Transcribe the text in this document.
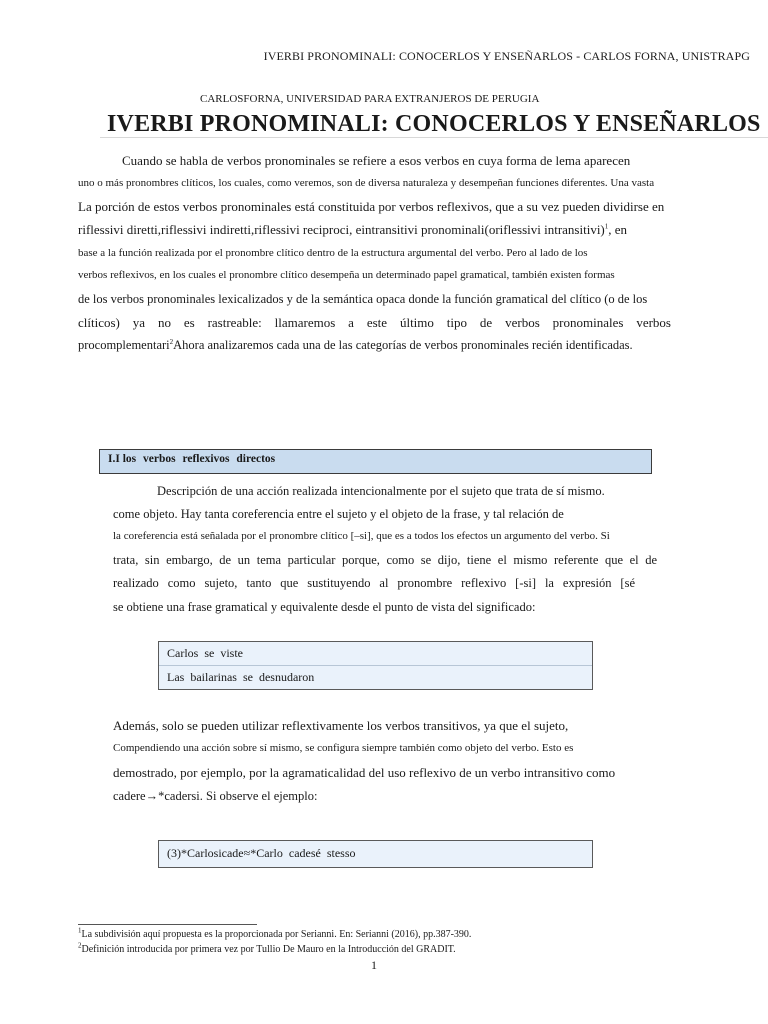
IVERBI PRONOMINALI: CONOCERLOS Y ENSEÑARLOS - CARLOS FORNA, UNISTRAPG
CARLOSFORNA, UNIVERSIDAD PARA EXTRANJEROS DE PERUGIA
IVERBI PRONOMINALI: CONOCERLOS Y ENSEÑARLOS
Cuando se habla de verbos pronominales se refiere a esos verbos en cuya forma de lema aparecen
uno o más pronombres clíticos, los cuales, como veremos, son de diversa naturaleza y desempeñan funciones diferentes. Una vasta
La porción de estos verbos pronominales está constituida por verbos reflexivos, que a su vez pueden dividirse en
riflessivi diretti,riflessivi indiretti,riflessivi reciproci, eintransitivi pronominali(oriflessivi intransitivi)$^1$, en
base a la función realizada por el pronombre clítico dentro de la estructura argumental del verbo. Pero al lado de los
verbos reflexivos, en los cuales el pronombre clítico desempeña un determinado papel gramatical, también existen formas
de los verbos pronominales lexicalizados y de la semántica opaca donde la función gramatical del clítico (o de los
clíticos) ya no es rastreable: llamaremos a este último tipo de verbos pronominales verbos
procomplementari$^2$Ahora analizaremos cada una de las categorías de verbos pronominales recién identificadas.
I.I los verbos reflexivos directos
Descripción de una acción realizada intencionalmente por el sujeto que trata de sí mismo.
come objeto. Hay tanta coreferencia entre el sujeto y el objeto de la frase, y tal relación de
la coreferencia está señalada por el pronombre clítico [–si], que es a todos los efectos un argumento del verbo. Si
trata, sin embargo, de un tema particular porque, como se dijo, tiene el mismo referente que el de
realizado como sujeto, tanto que sustituyendo al pronombre reflexivo [-si] la expresión [sé
se obtiene una frase gramatical y equivalente desde el punto de vista del significado:
Carlos se viste
Las bailarinas se desnudaron
Además, solo se pueden utilizar reflextivamente los verbos transitivos, ya que el sujeto,
Compendiendo una acción sobre sí mismo, se configura siempre también como objeto del verbo. Esto es
demostrado, por ejemplo, por la agramaticalidad del uso reflexivo de un verbo intransitivo como
cadere→*cadersi. Si observe el ejemplo:
(3)*Carlosicade≈*Carlo cadesé stesso
$^1$La subdivisión aquí propuesta es la proporcionada por Serianni. En: Serianni (2016), pp.387-390.
$^2$Definición introducida por primera vez por Tullio De Mauro en la Introducción del GRADIT.
1
